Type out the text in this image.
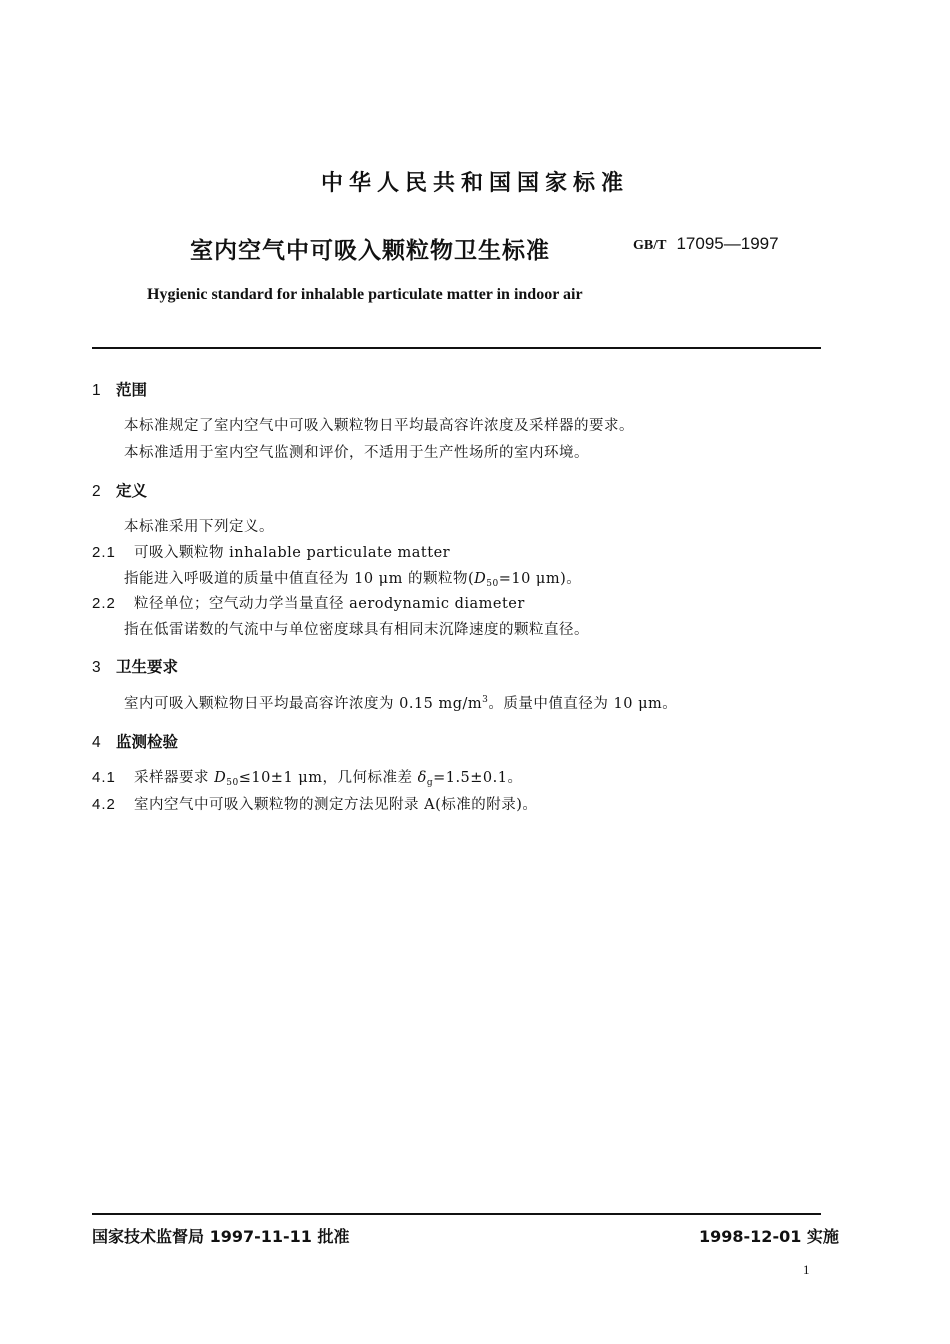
中华人民共和国国家标准
室内空气中可吸入颗粒物卫生标准	GB/T 17095—1997
Hygienic standard for inhalable particulate matter in indoor air
1 范围
本标准规定了室内空气中可吸入颗粒物日平均最高容许浓度及采样器的要求。
本标准适用于室内空气监测和评价，不适用于生产性场所的室内环境。
2 定义
本标准采用下列定义。
2.1 可吸入颗粒物 inhalable particulate matter
指能进入呼吸道的质量中值直径为 10 μm 的颗粒物($D_{50}=10$ μm)。
2.2 粒径单位；空气动力学当量直径 aerodynamic diameter
指在低雷诺数的气流中与单位密度球具有相同末沉降速度的颗粒直径。
3 卫生要求
室内可吸入颗粒物日平均最高容许浓度为 0.15 $mg/m^3$。质量中值直径为 10 μm。
4 监测检验
4.1 采样器要求 $D_{50}\le 10\pm 1$ μm，几何标准差 $\delta_g=1.5\pm 0.1$。
4.2 室内空气中可吸入颗粒物的测定方法见附录 A(标准的附录)。
国家技术监督局 1997-11-11 批准	1998-12-01 实施
1
